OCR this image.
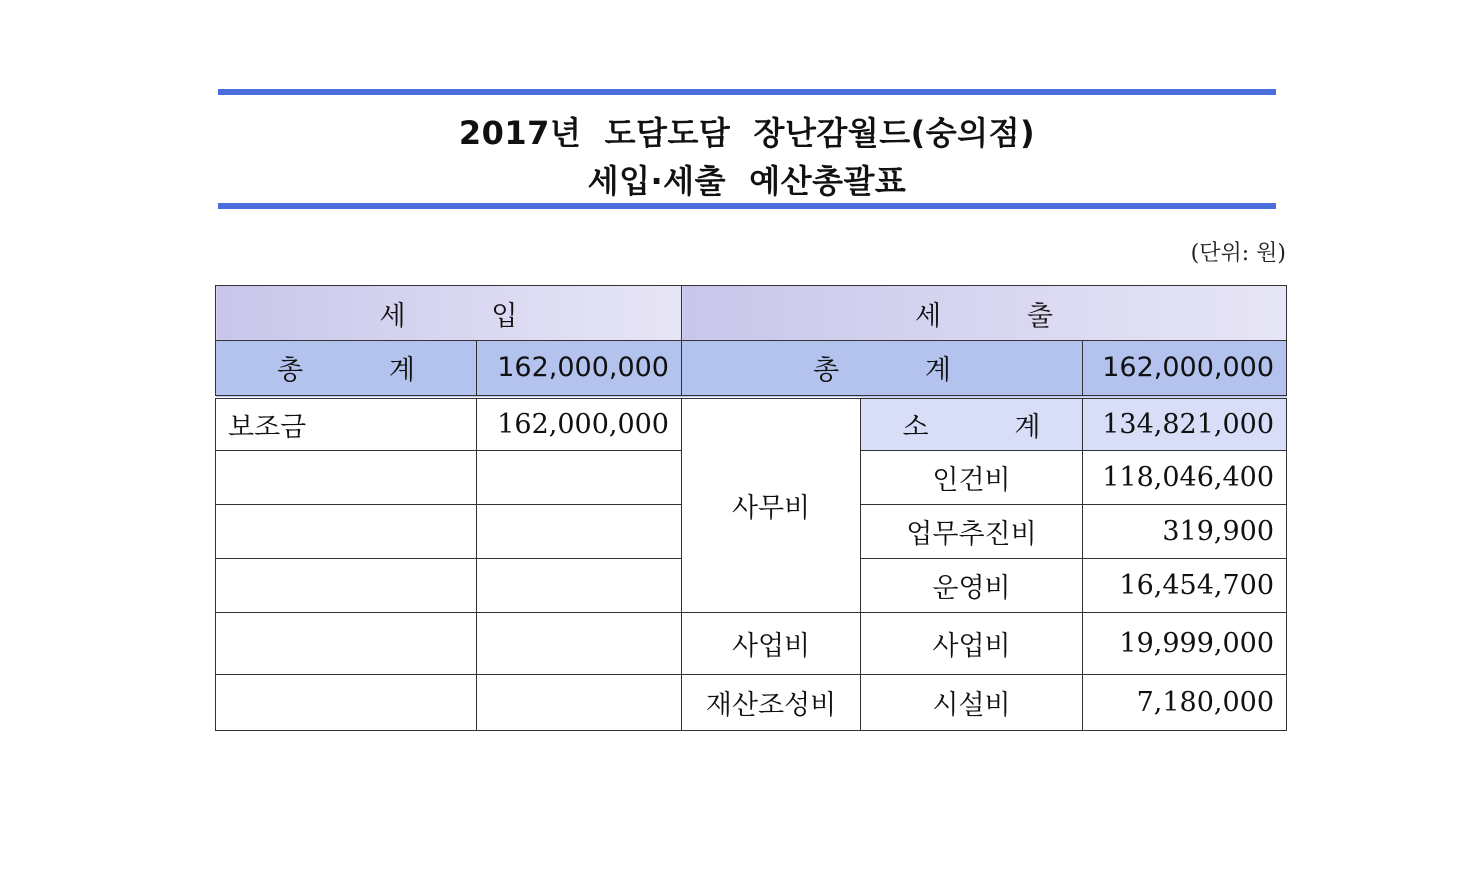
2017년  도담도담  장난감월드(숭의점)
세입·세출  예산총괄표
(단위: 원)
세          입		세          출		
총          계	162,000,000	총          계		162,000,000
보조금	162,000,000	사무비	소          계	134,821,000
			인건비	118,046,400
			업무추진비	319,900
			운영비	16,454,700
		사업비	사업비	19,999,000
		재산조성비	시설비	7,180,000
